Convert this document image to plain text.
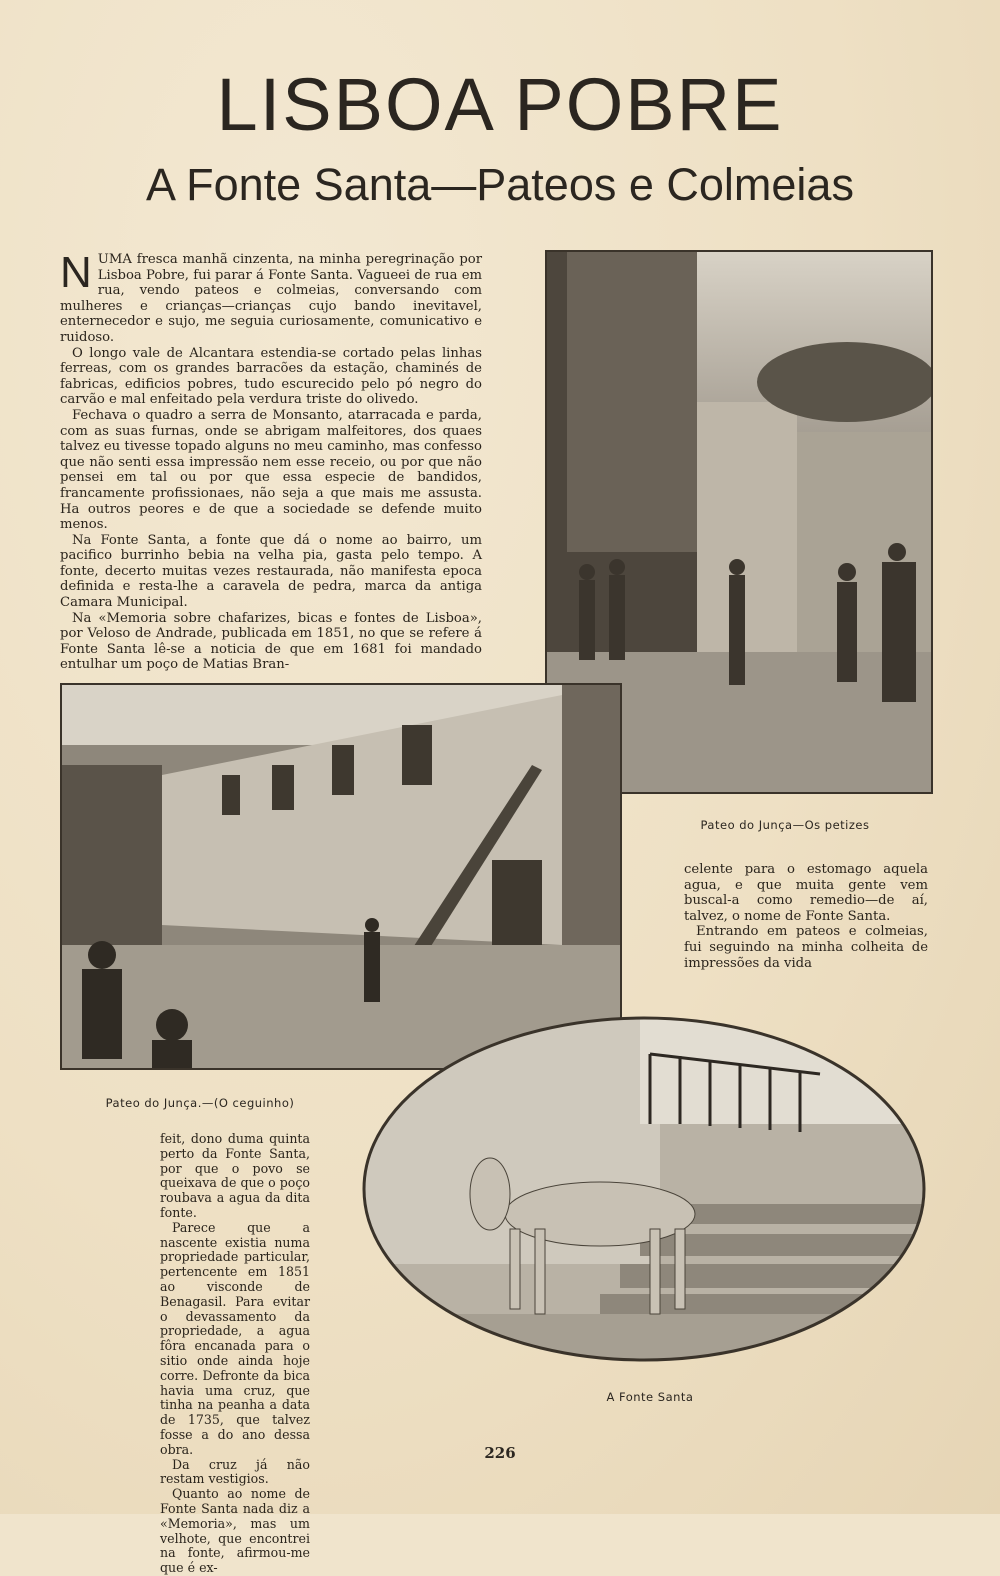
LISBOA POBRE
A Fonte Santa—Pateos e Colmeias

NUMA fresca manhã cinzenta, na minha peregrinação por Lisboa Pobre, fui parar á Fonte Santa. Vagueei de rua em rua, vendo pateos e colmeias, conversando com mulheres e crianças—crianças cujo bando inevitavel, enternecedor e sujo, me seguia curiosamente, comunicativo e ruidoso.

O longo vale de Alcantara estendia-se cortado pelas linhas ferreas, com os grandes barracões da estação, chaminés de fabricas, edificios pobres, tudo escurecido pelo pó negro do carvão e mal enfeitado pela verdura triste do olivedo.

Fechava o quadro a serra de Monsanto, atarracada e parda, com as suas furnas, onde se abrigam malfeitores, dos quaes talvez eu tivesse topado alguns no meu caminho, mas confesso que não senti essa impressão nem esse receio, ou por que não pensei em tal ou por que essa especie de bandidos, francamente profissionaes, não seja a que mais me assusta. Ha outros peores e de que a sociedade se defende muito menos.

Na Fonte Santa, a fonte que dá o nome ao bairro, um pacifico burrinho bebia na velha pia, gasta pelo tempo. A fonte, decerto muitas vezes restaurada, não manifesta epoca definida e resta-lhe a caravela de pedra, marca da antiga Camara Municipal.

Na «Memoria sobre chafarizes, bicas e fontes de Lisboa», por Veloso de Andrade, publicada em 1851, no que se refere á Fonte Santa lê-se a noticia de que em 1681 foi mandado entulhar um poço de Matias Bran-

Pateo do Junça—Os petizes
Pateo do Junça.—(O ceguinho)

celente para o estomago aquela agua, e que muita gente vem buscal-a como remedio—de aí, talvez, o nome de Fonte Santa.

Entrando em pateos e colmeias, fui seguindo na minha colheita de impressões da vida

A Fonte Santa

feit, dono duma quinta perto da Fonte Santa, por que o povo se queixava de que o poço roubava a agua da dita fonte.

Parece que a nascente existia numa propriedade particular, pertencente em 1851 ao visconde de Benagasil. Para evitar o devassamento da propriedade, a agua fôra encanada para o sitio onde ainda hoje corre. Defronte da bica havia uma cruz, que tinha na peanha a data de 1735, que talvez fosse a do ano dessa obra.

Da cruz já não restam vestigios.

Quanto ao nome de Fonte Santa nada diz a «Memoria», mas um velhote, que encontrei na fonte, afirmou-me que é ex-

226
